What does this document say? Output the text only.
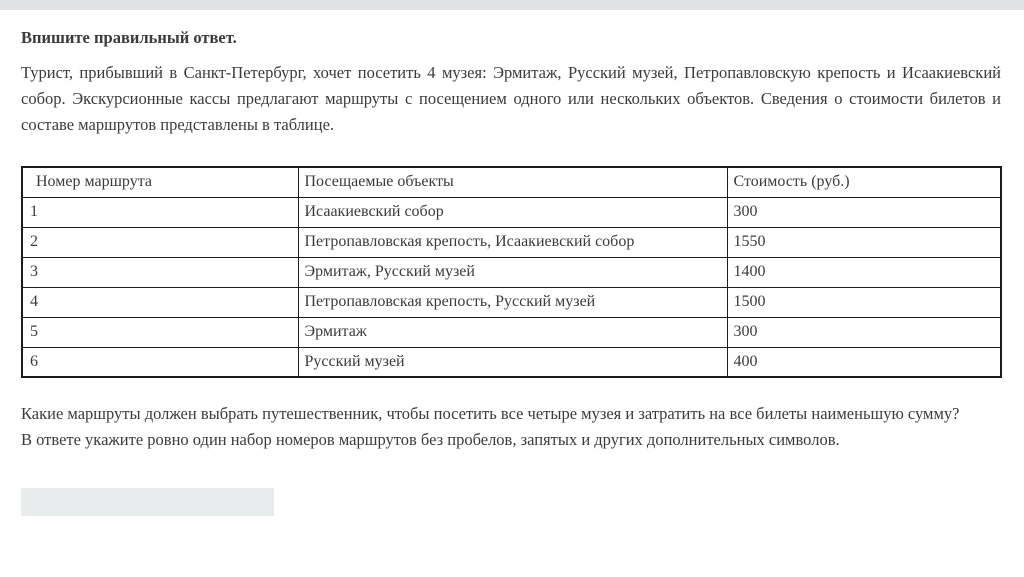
Впишите правильный ответ.

Турист, прибывший в Санкт-Петербург, хочет посетить 4 музея: Эрмитаж, Русский музей, Петропавловскую крепость и Исаакиевский собор. Экскурсионные кассы предлагают маршруты с посещением одного или нескольких объектов. Сведения о стоимости билетов и составе маршрутов представлены в таблице.

Номер маршрута	Посещаемые объекты	Стоимость (руб.)
1	Исаакиевский собор	300
2	Петропавловская крепость, Исаакиевский собор	1550
3	Эрмитаж, Русский музей	1400
4	Петропавловская крепость, Русский музей	1500
5	Эрмитаж	300
6	Русский музей	400
Какие маршруты должен выбрать путешественник, чтобы посетить все четыре музея и затратить на все билеты наименьшую сумму?
В ответе укажите ровно один набор номеров маршрутов без пробелов, запятых и других дополнительных символов.
